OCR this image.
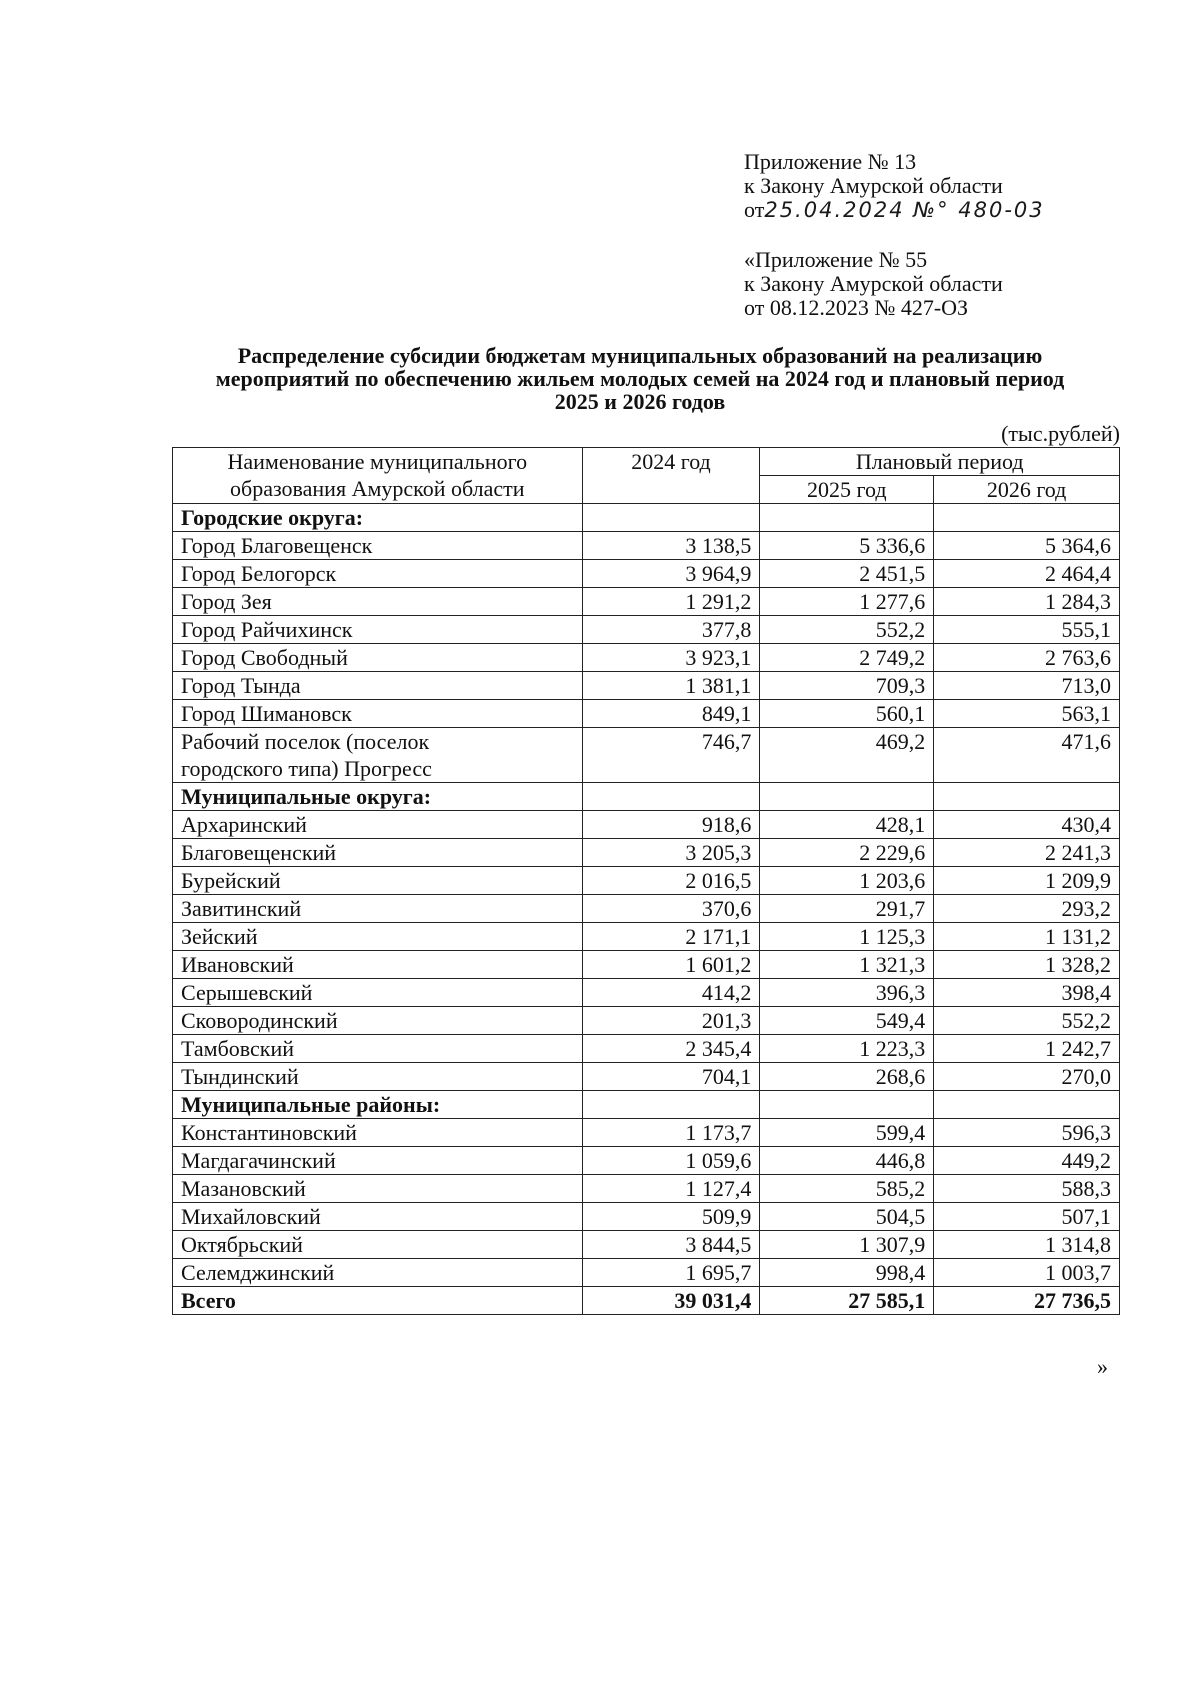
Приложение № 13
к Закону Амурской области
от25.04.2024 №° 480-03
«Приложение № 55
к Закону Амурской области
от 08.12.2023 № 427-ОЗ
Распределение субсидии бюджетам муниципальных образований на реализацию
мероприятий по обеспечению жильем молодых семей на 2024 год и плановый период
2025 и 2026 годов
(тыс.рублей)
Наименование муниципального
образования Амурской области	2024 год	Плановый период	
		2025 год	2026 год
Городские округа:			
Город Благовещенск	3 138,5	5 336,6	5 364,6
Город Белогорск	3 964,9	2 451,5	2 464,4
Город Зея	1 291,2	1 277,6	1 284,3
Город Райчихинск	377,8	552,2	555,1
Город Свободный	3 923,1	2 749,2	2 763,6
Город Тында	1 381,1	709,3	713,0
Город Шимановск	849,1	560,1	563,1

Рабочий поселок (поселок
городского типа) Прогресс	746,7	469,2	471,6
Муниципальные округа:			
Архаринский	918,6	428,1	430,4
Благовещенский	3 205,3	2 229,6	2 241,3
Бурейский	2 016,5	1 203,6	1 209,9
Завитинский	370,6	291,7	293,2
Зейский	2 171,1	1 125,3	1 131,2
Ивановский	1 601,2	1 321,3	1 328,2
Серышевский	414,2	396,3	398,4
Сковородинский	201,3	549,4	552,2
Тамбовский	2 345,4	1 223,3	1 242,7
Тындинский	704,1	268,6	270,0
Муниципальные районы:			
Константиновский	1 173,7	599,4	596,3
Магдагачинский	1 059,6	446,8	449,2
Мазановский	1 127,4	585,2	588,3
Михайловский	509,9	504,5	507,1
Октябрьский	3 844,5	1 307,9	1 314,8
Селемджинский	1 695,7	998,4	1 003,7
Всего	39 031,4	27 585,1	27 736,5
»
